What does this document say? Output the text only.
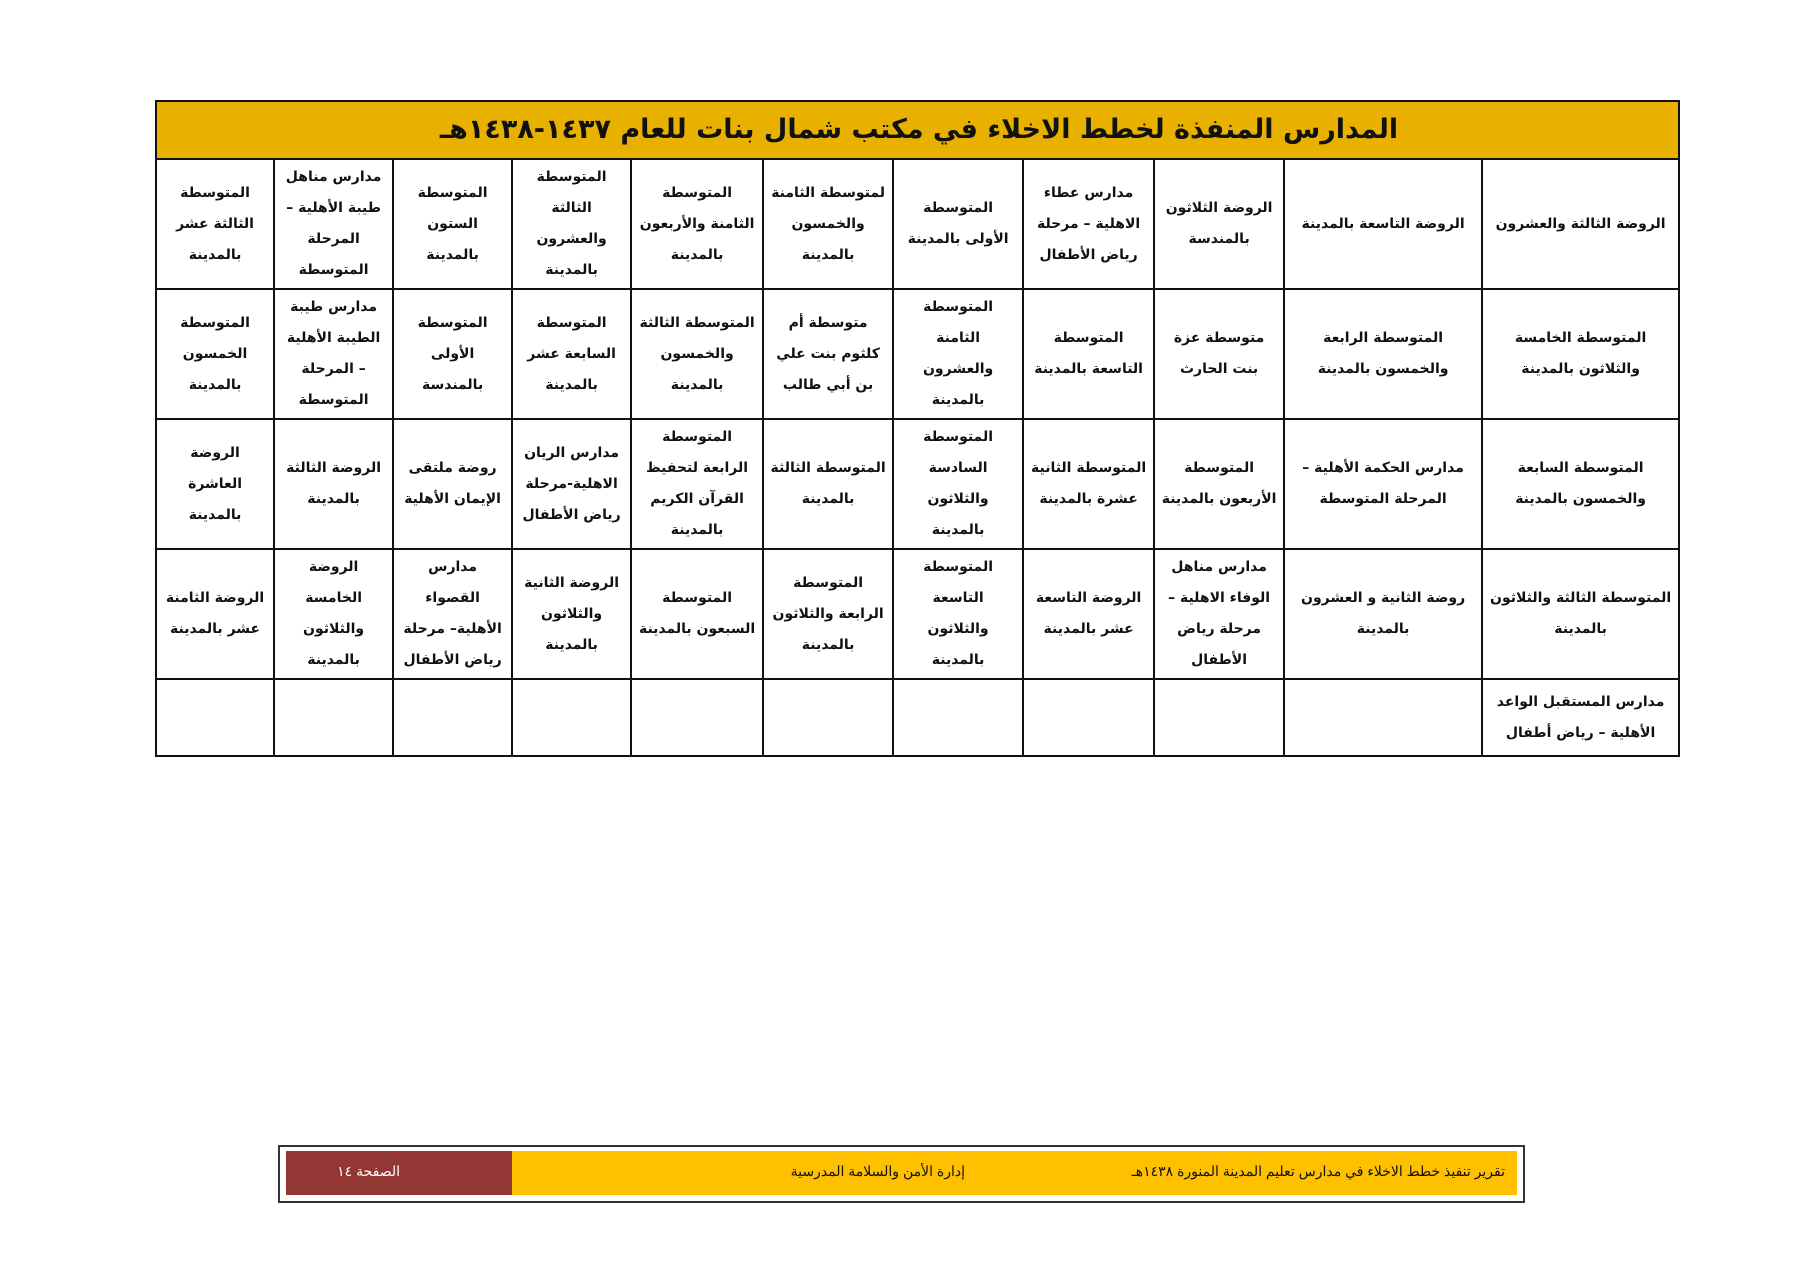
المدارس المنفذة لخطط الاخلاء في مكتب شمال بنات للعام ١٤٣٧-١٤٣٨هـ										
الروضة الثالثة والعشرون	الروضة التاسعة بالمدينة	الروضة الثلاثون بالمندسة	مدارس عطاء الاهلية – مرحلة رياض الأطفال	المتوسطة الأولى بالمدينة	لمتوسطة الثامنة والخمسون بالمدينة	المتوسطة الثامنة والأربعون بالمدينة	المتوسطة الثالثة والعشرون بالمدينة	المتوسطة الستون بالمدينة	مدارس مناهل طيبة الأهلية – المرحلة المتوسطة	المتوسطة الثالثة عشر بالمدينة
المتوسطة الخامسة والثلاثون بالمدينة	المتوسطة الرابعة والخمسون بالمدينة	متوسطة عزة بنت الحارث	المتوسطة التاسعة بالمدينة	المتوسطة الثامنة والعشرون بالمدينة	متوسطة أم كلثوم بنت علي بن أبي طالب	المتوسطة الثالثة والخمسون بالمدينة	المتوسطة السابعة عشر بالمدينة	المتوسطة الأولى بالمندسة	مدارس طيبة الطيبة الأهلية – المرحلة المتوسطة	المتوسطة الخمسون بالمدينة
المتوسطة السابعة والخمسون بالمدينة	مدارس الحكمة الأهلية – المرحلة المتوسطة	المتوسطة الأربعون بالمدينة	المتوسطة الثانية عشرة بالمدينة	المتوسطة السادسة والثلاثون بالمدينة	المتوسطة الثالثة بالمدينة	المتوسطة الرابعة لتحفيظ القرآن الكريم بالمدينة	مدارس الريان الاهلية-مرحلة رياض الأطفال	روضة ملتقى الإيمان الأهلية	الروضة الثالثة بالمدينة	الروضة العاشرة بالمدينة
المتوسطة الثالثة والثلاثون بالمدينة	روضة الثانية و العشرون بالمدينة	مدارس مناهل الوفاء الاهلية – مرحلة رياض الأطفال	الروضة التاسعة عشر بالمدينة	المتوسطة التاسعة والثلاثون بالمدينة	المتوسطة الرابعة والثلاثون بالمدينة	المتوسطة السبعون بالمدينة	الروضة الثانية والثلاثون بالمدينة	مدارس القصواء الأهلية– مرحلة رياض الأطفال	الروضة الخامسة والثلاثون بالمدينة	الروضة الثامنة عشر بالمدينة
مدارس المستقبل الواعد الأهلية – رياض أطفال										
تقرير تنفيذ خطط الاخلاء في مدارس تعليم المدينة المنورة ١٤٣٨هـ
إدارة الأمن والسلامة المدرسية
الصفحة ١٤
